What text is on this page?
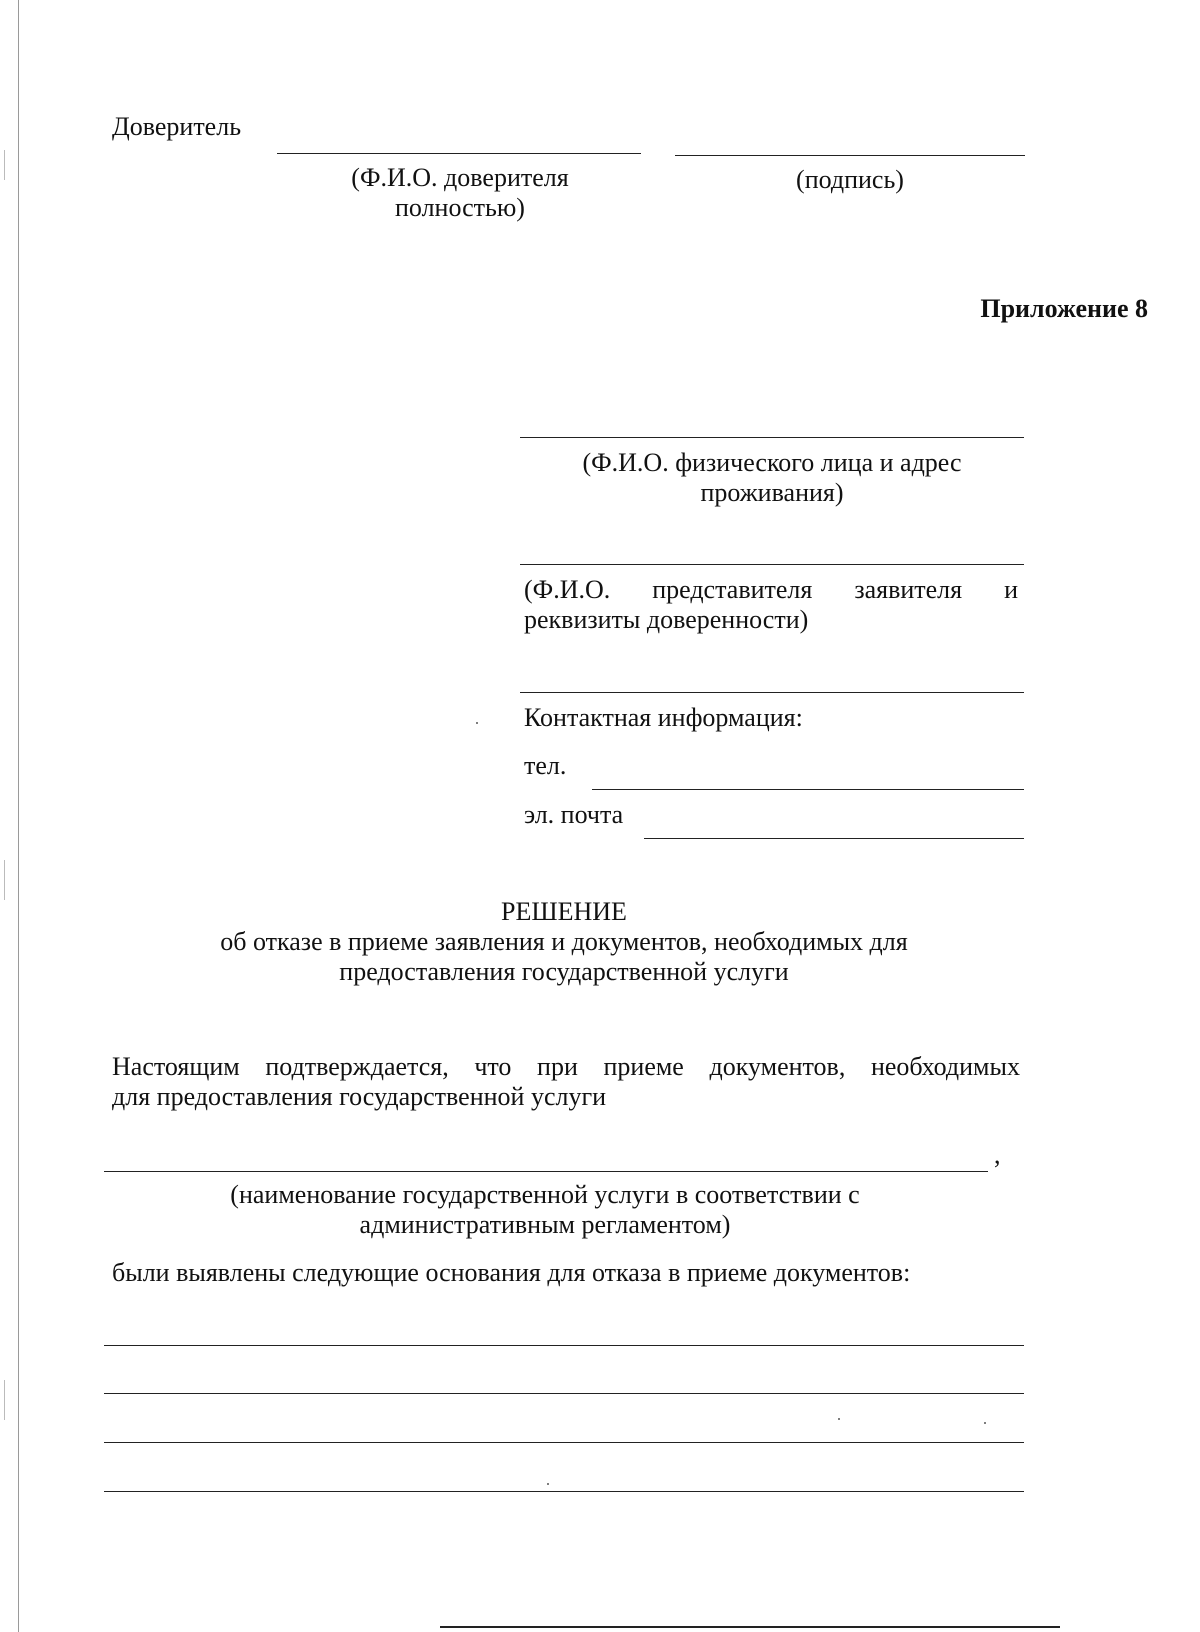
Доверитель
(Ф.И.О. доверителя
полностью)
(подпись)
Приложение 8
(Ф.И.О. физического лица и адрес
проживания)
(Ф.И.О. представителя заявителя и
реквизиты доверенности)
Контактная информация:
тел.
эл. почта
РЕШЕНИЕ
об отказе в приеме заявления и документов, необходимых для
предоставления государственной услуги
Настоящим подтверждается, что при приеме документов, необходимых
для предоставления государственной услуги
,
(наименование государственной услуги в соответствии с
административным регламентом)
были выявлены следующие основания для отказа в приеме документов:
